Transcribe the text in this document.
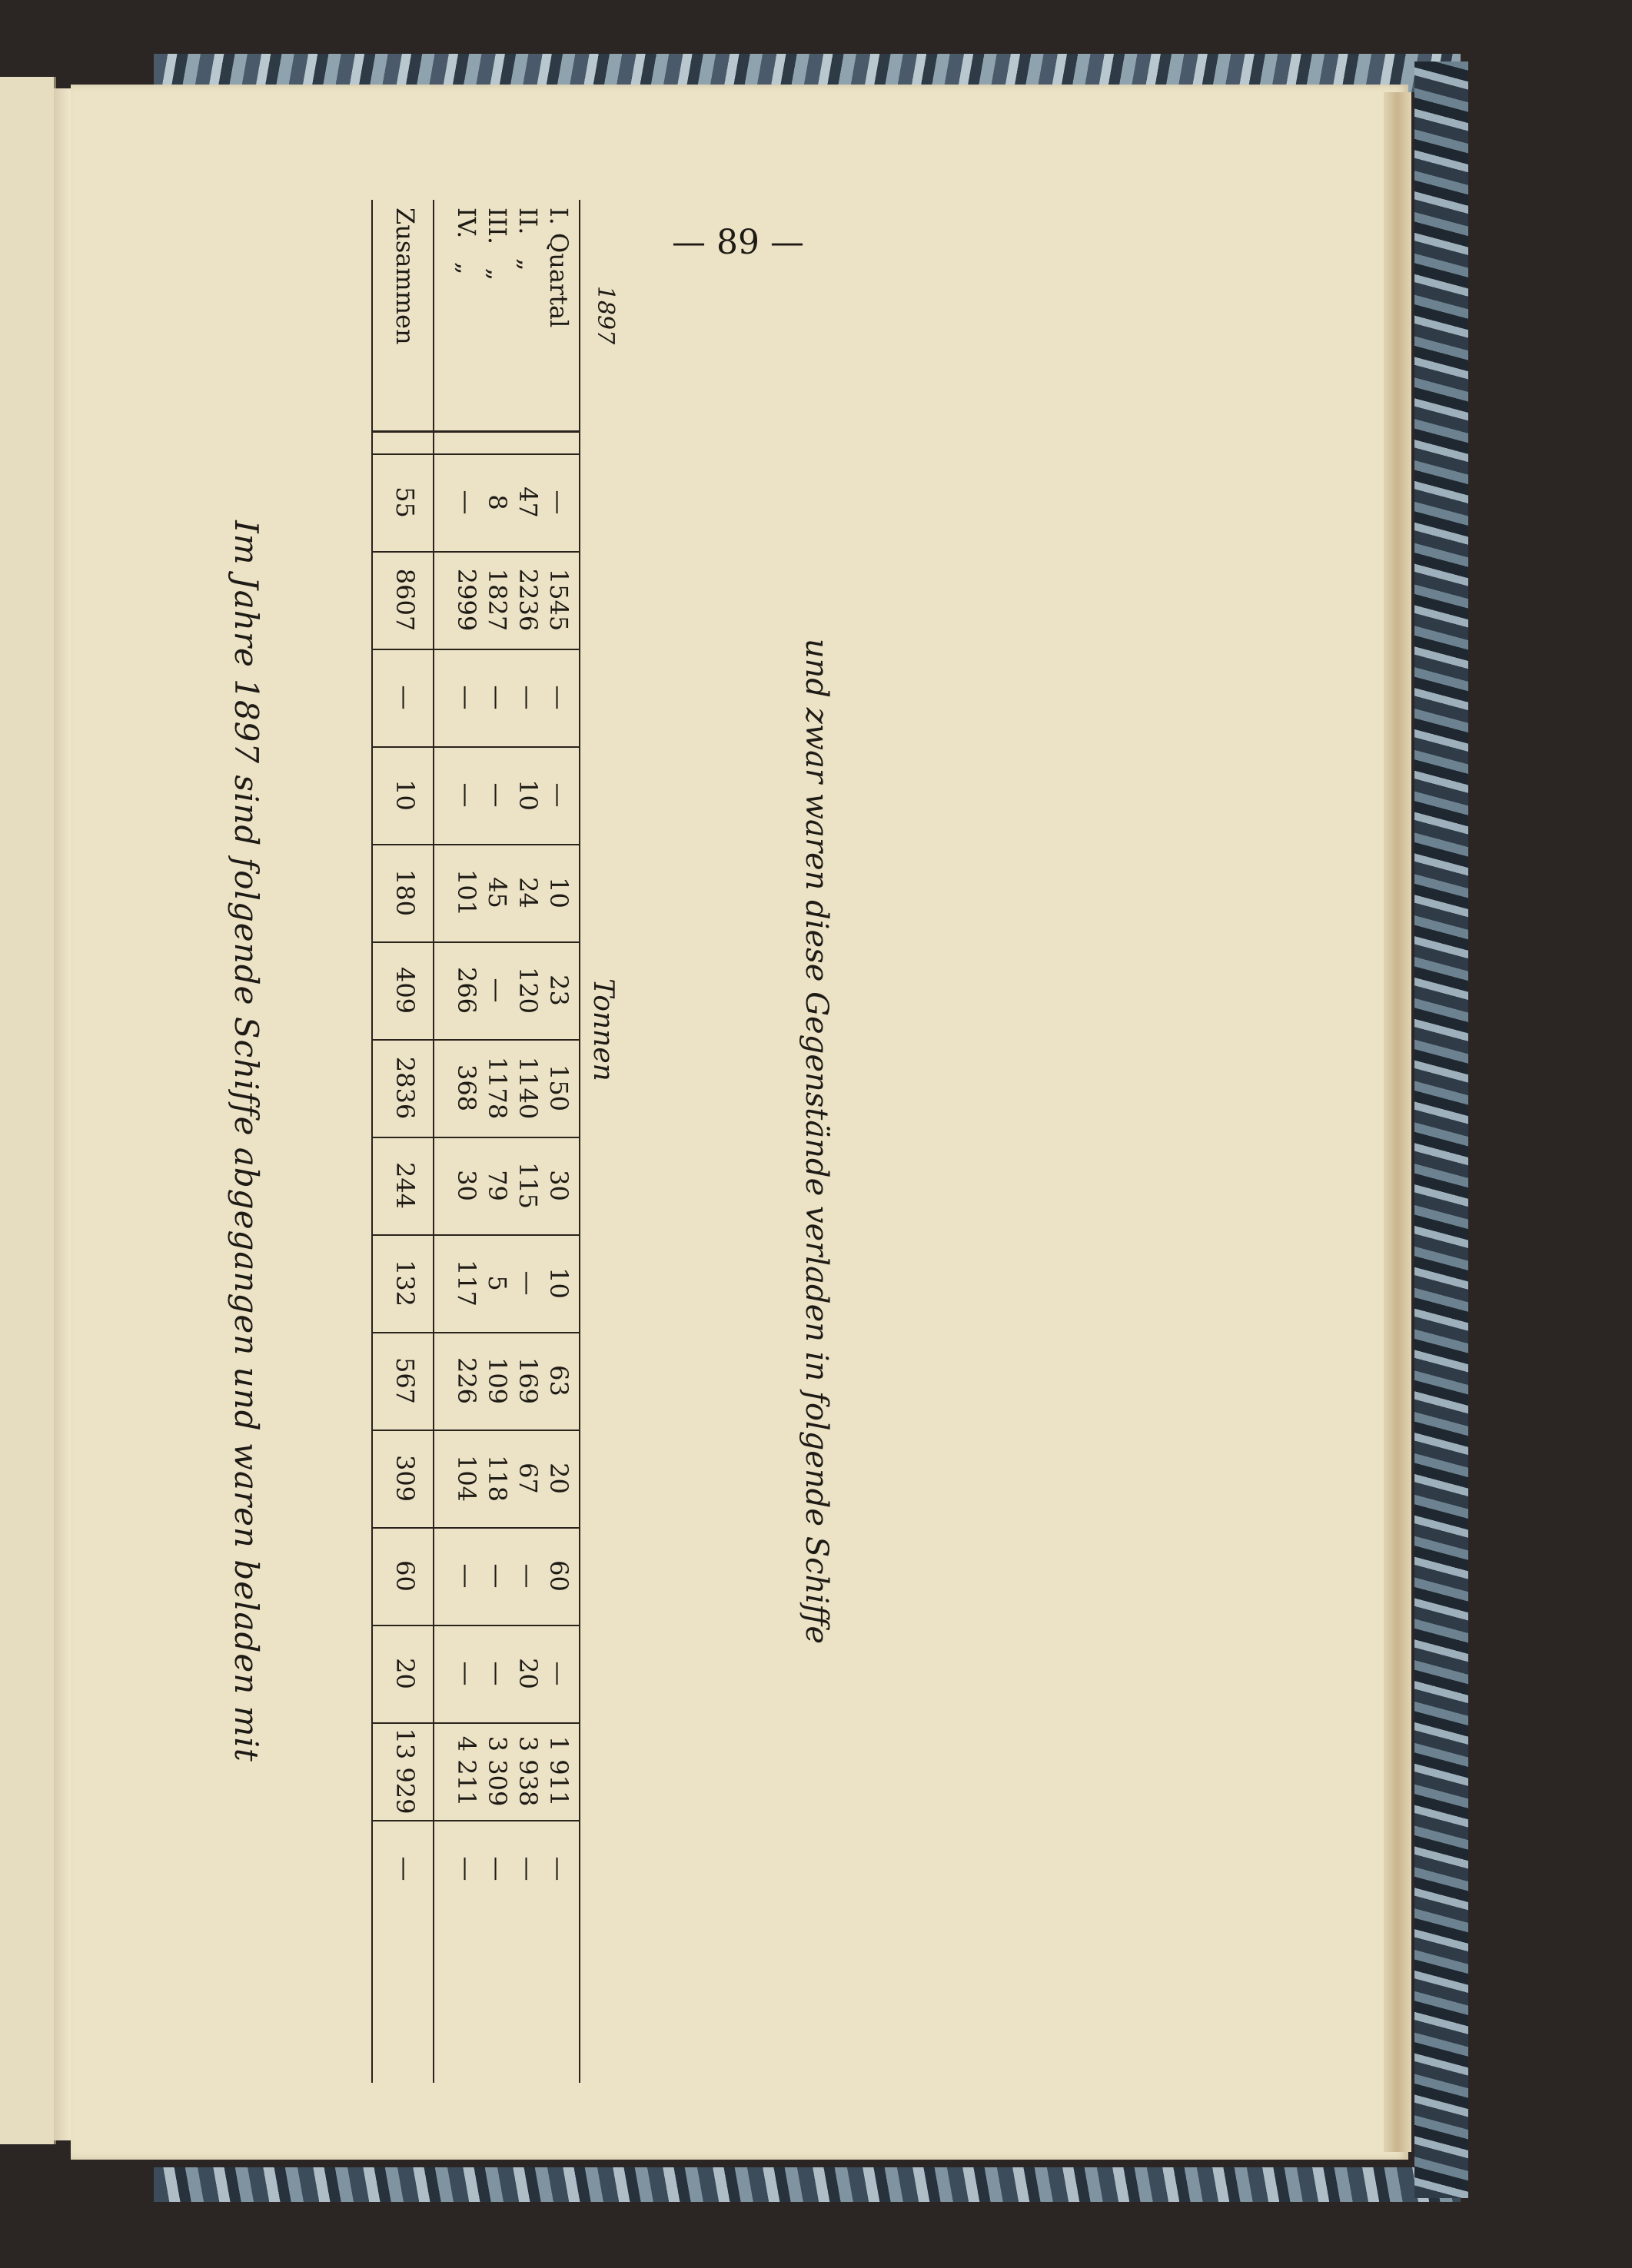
Im Jahre 1897 sind folgende Schiffe abgegangen und waren beladen mit	und zwar waren diese Gegenstände verladen in folgende Schiffe
Tonnen
1897
I. Quartal
—
1545
—
—
10
23
150
30
10
63
20
60
—
1 911
—
II.   „
47
2236
—
10
24
120
1140
115
—
169
67
—
20
3 938
—
III.   „
8
1827
—
—
45
—
1178
79
5
109
118
—
—
3 309
—
IV.   „
—
2999
—
—
101
266
368
30
117
226
104
—
—
4 211
—
Zusammen
55
8607
—
10
180
409
2836
244
132
567
309
60
20
13 929
—
— 89 —
